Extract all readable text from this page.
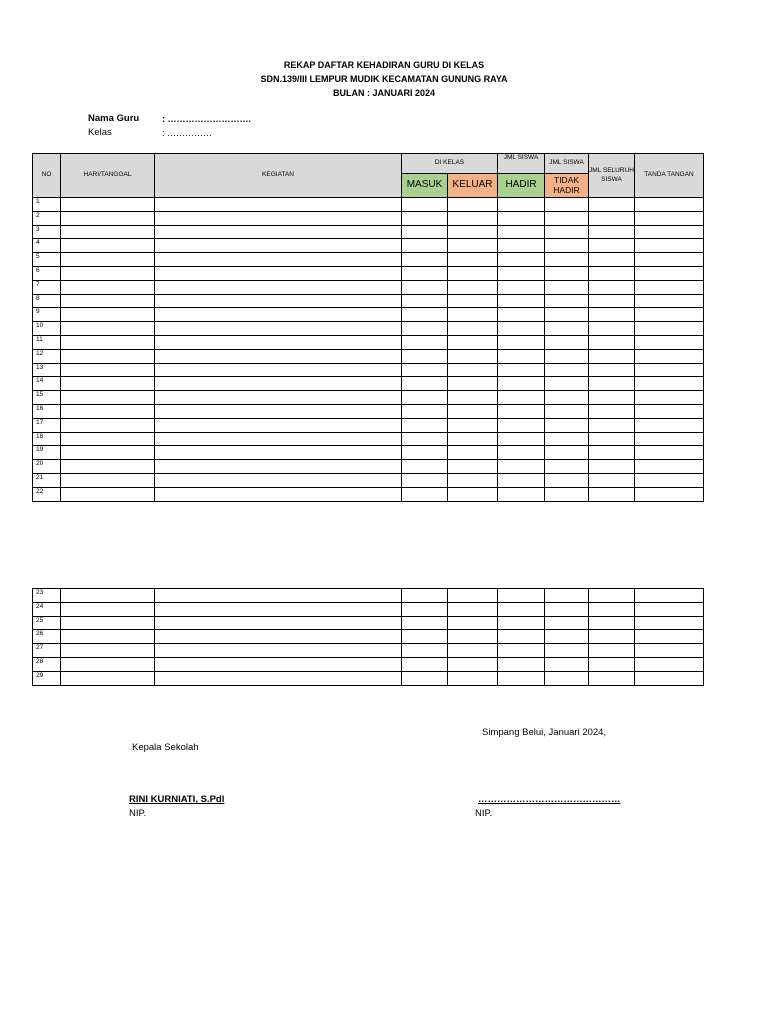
REKAP DAFTAR KEHADIRAN GURU DI KELAS
SDN.139/III LEMPUR MUDIK KECAMATAN GUNUNG RAYA
BULAN : JANUARI 2024
Nama Guru	: ……………………….
Kelas	: ……………
NO	HARI/TANGGAL	KEGIATAN	DI KELAS		JML SISWA	JML SISWA	JML SELURUH SISWA	TANDA TANGAN
			MASUK	KELUAR	HADIR	TIDAK HADIR		
1								
2								
3								
4								
5								
6								
7								
8								
9								
10								
11								
12								
13								
14								
15								
16								
17								
18								
19								
20								
21								
22								
23								
24								
25								
26								
27								
28								
29								
Simpang Belui, Januari 2024,
Kepala Sekolah
RINI KURNIATI, S.Pdl
NIP.
………………………………………
NIP.
